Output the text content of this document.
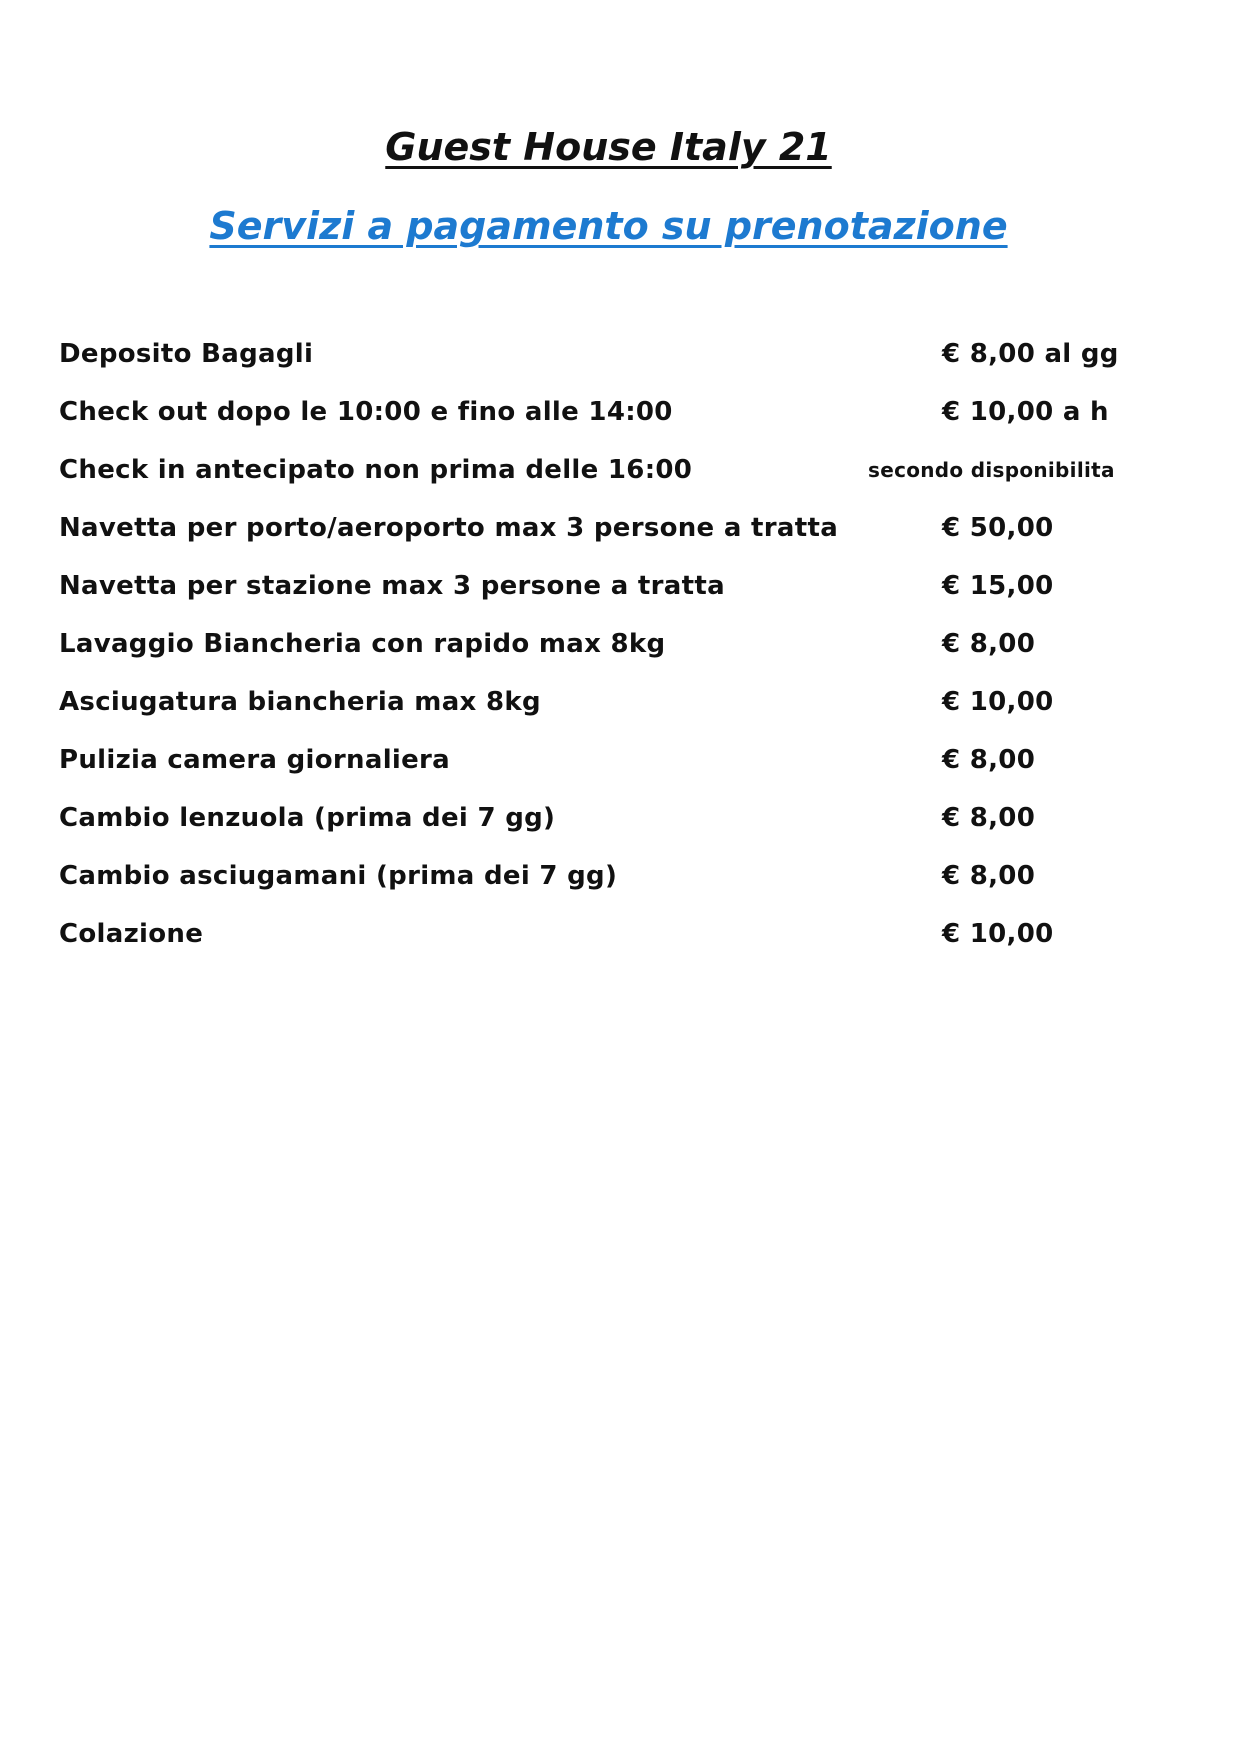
Guest House Italy 21
Servizi a pagamento su prenotazione
Deposito Bagagli	€ 8,00 al gg
Check out dopo le 10:00 e fino alle 14:00	€ 10,00 a h
Check in antecipato non prima delle 16:00	secondo disponibilita
Navetta per porto/aeroporto max 3 persone a tratta	€ 50,00
Navetta per stazione max 3 persone a tratta	€ 15,00
Lavaggio Biancheria con rapido max 8kg	€ 8,00
Asciugatura biancheria max 8kg	€ 10,00
Pulizia camera giornaliera	€ 8,00
Cambio lenzuola (prima dei 7 gg)	€ 8,00
Cambio asciugamani (prima dei 7 gg)	€ 8,00
Colazione	€ 10,00
